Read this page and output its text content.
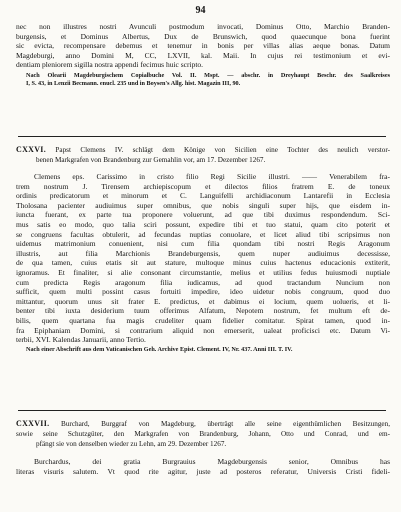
94
nec non illustres nostri Avunculi postmodum invocati, Dominus Otto, Marchio Branden-
burgensis, et Dominus Albertus, Dux de Brunswich, quod quaecunque bona fuerint
sic evicta, recompensare debemus et tenemur in bonis per villas alias aeque bonas. Datum
Magdeburgi, anno Domini M, CC, LXVII, kal. Maii. In cujus rei testimonium et evi-
dentiam pleniorem sigilla nostra appendi fecimus huic scripto.
Nach Olearii Magdeburgischem Copialbuche Vol. II. Mspt. — abschr. in Dreyhaupt Beschr. des Saalkreises
I, S. 43, in Lenzii Becmann. enucl. 235 und in Boysen's Allg. hist. Magazin III, 90.
CXXVI. Papst Clemens IV. schlägt dem Könige von Sicilien eine Tochter des neulich verstor-
benen Markgrafen von Brandenburg zur Gemahlin vor, am 17. Dezember 1267.
Clemens eps. Carissimo in cristo filio Regi Sicilie illustri. —— Venerabilem fra-
trem nostrum J. Tirensem archiepiscopum et dilectos filios fratrem E. de toneux
ordinis predicatorum et minorum et C. Languifelli archidiaconum Lantarefii in Ecclesia
Tholosana pacienter audiuimus super omnibus, que nobis singuli super hijs, que eisdem in-
iuncta fuerant, ex parte tua proponere voluerunt, ad que tibi duximus respondendum. Sci-
mus satis eo modo, quo talia sciri possunt, expedire tibi et tuo statui, quam cito poterit et
se congruens facultas obtulerit, ad fecundas nuptias conuolare, et licet aliud tibi scripsimus non
uidemus matrimonium conuenient, nisi cum filia quondam tibi nostri Regis Aragonum
illustris, aut filia Marchionis Brandeburgensis, quem nuper audiuimus decessisse,
de qua tamen, cuius etatis sit aut stature, multoque minus cuius hactenus educacionis extiterit,
ignoramus. Et finaliter, si alie consonant circumstantie, melius et utilius fedus huiusmodi nuptiale
cum predicta Regis aragonum filia iudicamus, ad quod tractandum Nuncium non
sufficit, quem multi possint casus fortuiti impedire, ideo uidetur nobis congruum, quod duo
mittantur, quorum unus sit frater E. predictus, et dabimus ei locium, quem uolueris, et li-
benter tibi iuxta desiderium tuum offerimus Alfatum, Nepotem nostrum, fet multum eft de-
bilis, quem quartana fua magis crudeliter quam fidelier comitatur. Spirat tamen, quod in-
fra Epiphaniam Domini, si contrarium aliquid non emerserit, ualeat proficisci etc. Datum Vi-
terbii, XVI. Kalendas Januarii, anno Tertio.
Nach einer Abschrift aus dem Vaticanischen Geh. Archive Epist. Clement. IV, Nr. 437. Anni III. T. IV.
CXXVII. Burchard, Burggraf von Magdeburg, überträgt alle seine eigenthümlichen Besitzungen,
sowie seine Schutzgüter, den Markgrafen von Brandenburg, Johann, Otto und Conrad, und em-
pfängt sie von denselben wieder zu Lehn, am 29. Dezember 1267.
Burchardus, dei gratia Burgrauius Magdeburgensis senior, Omnibus has
literas visuris salutem. Vt quod rite agitur, juste ad posteros referatur, Universis Cristi fideli-
